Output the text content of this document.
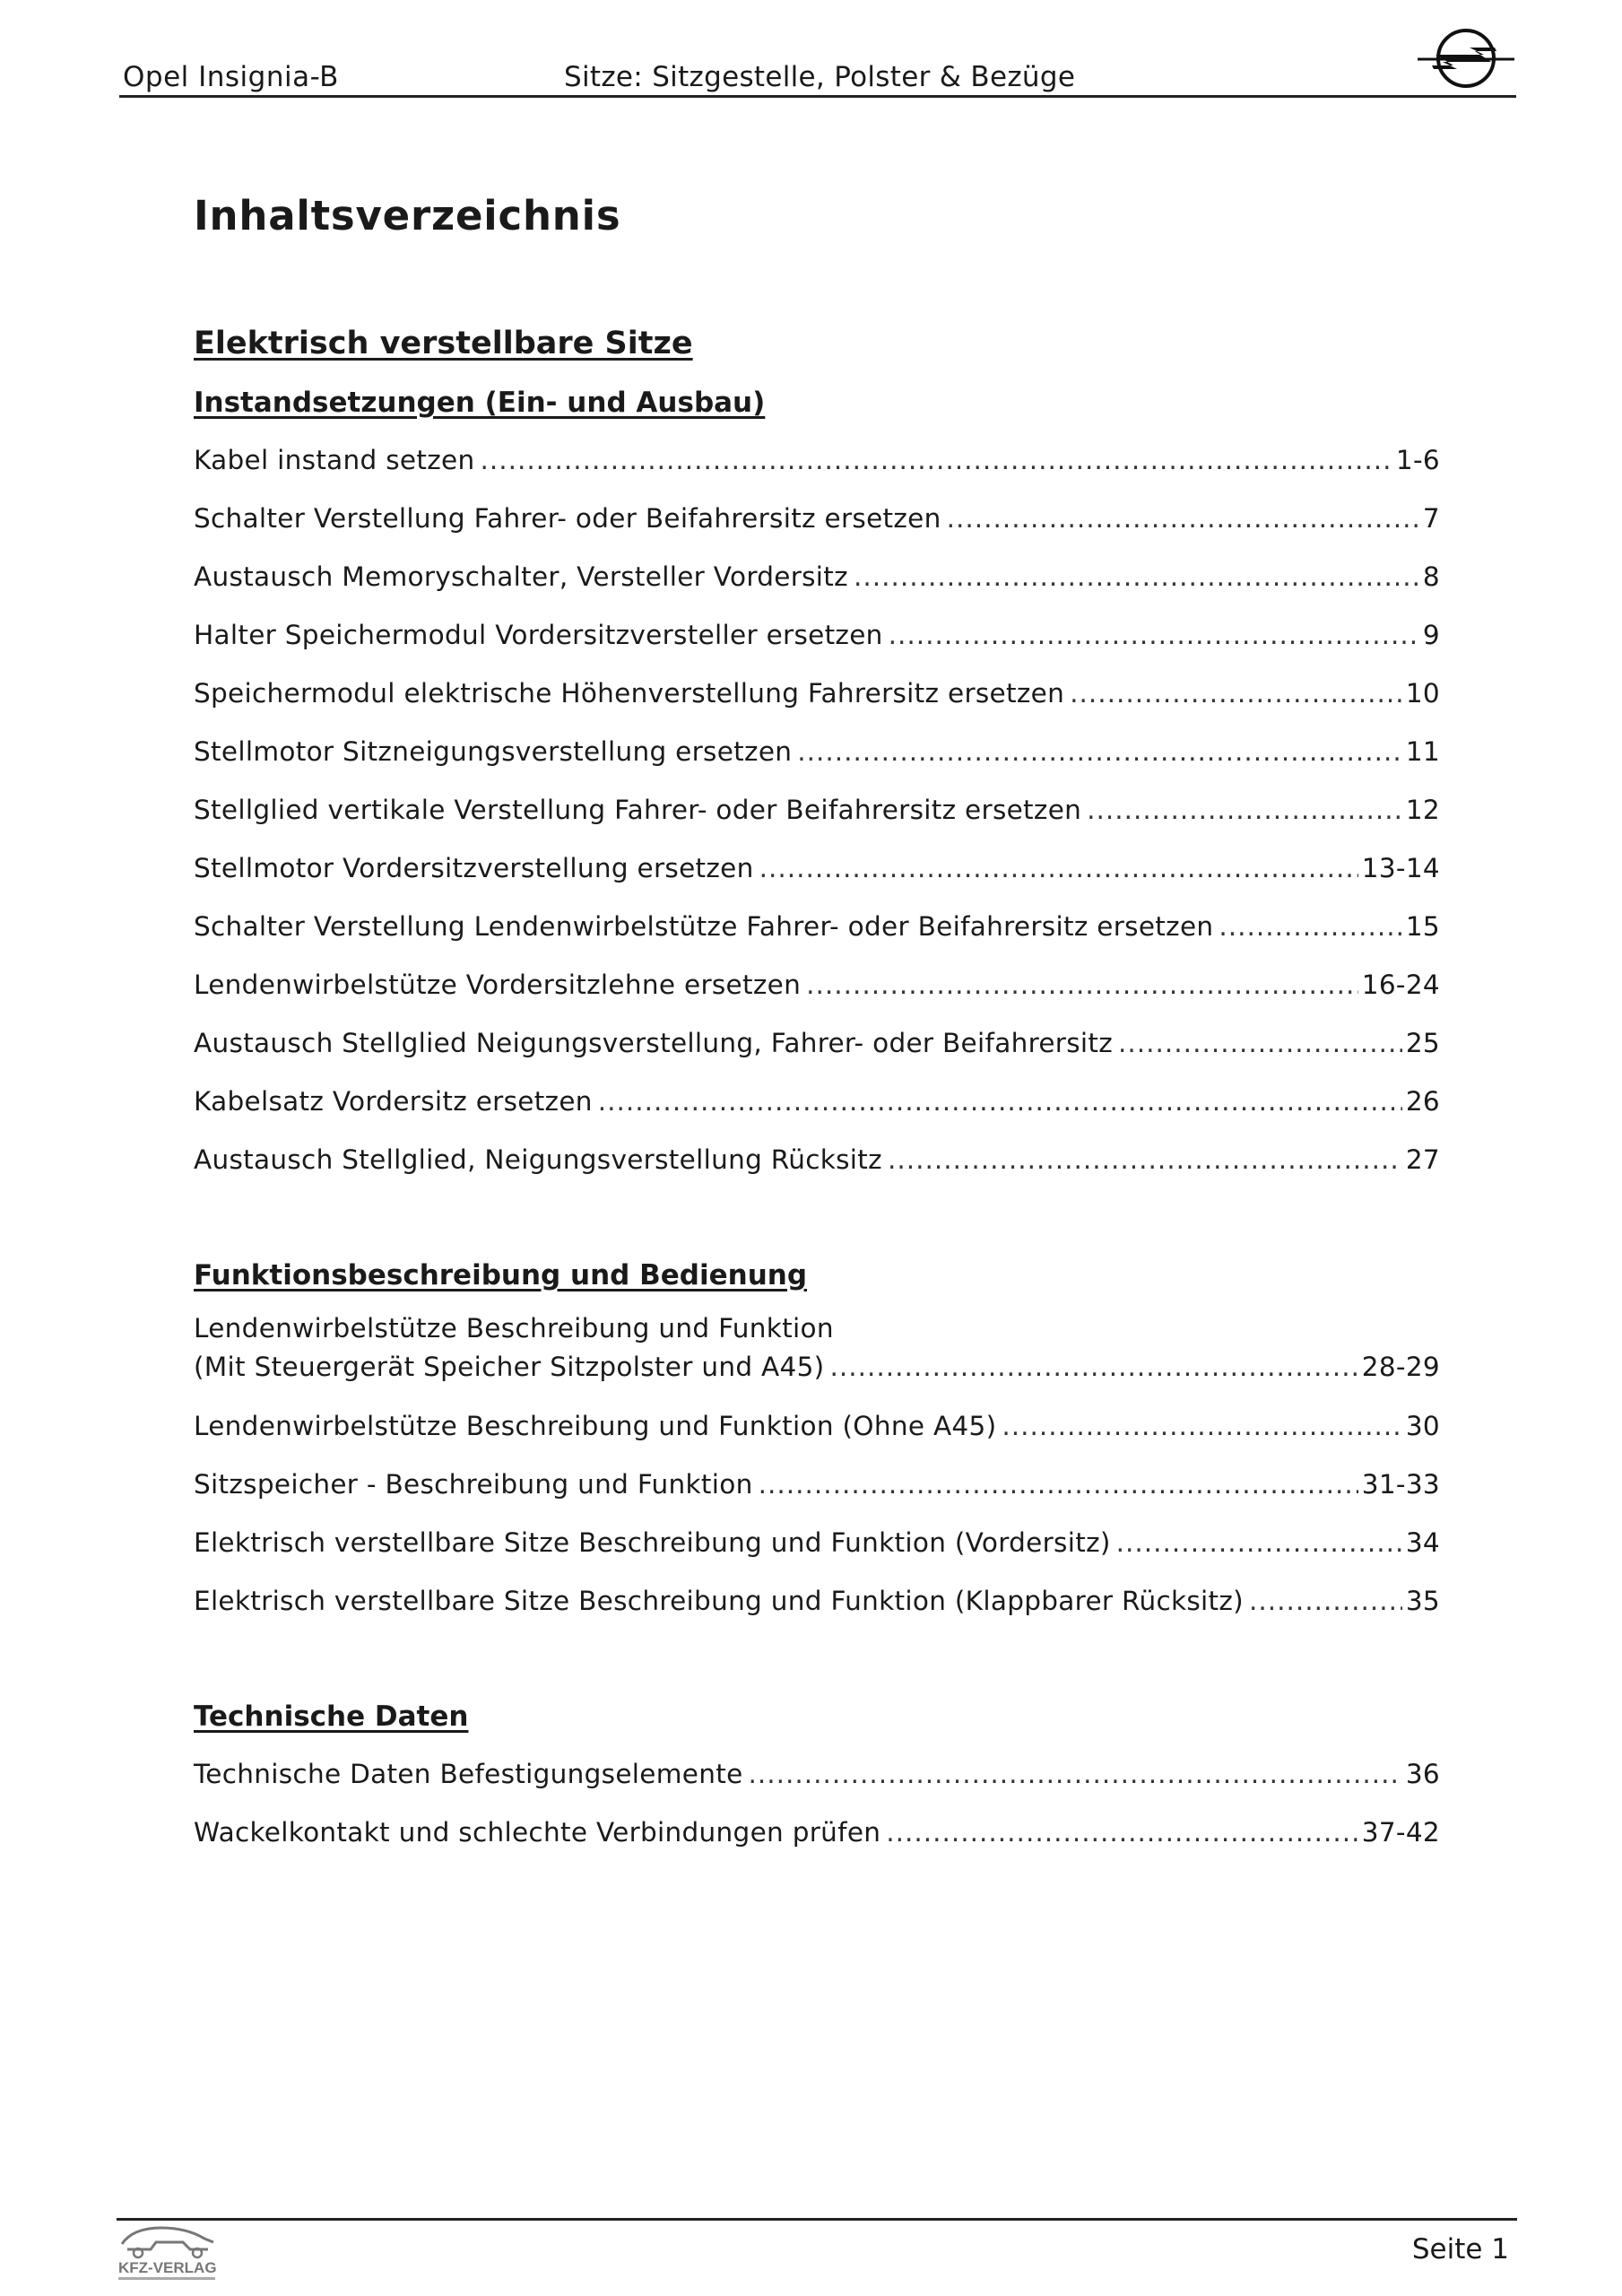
Opel Insignia-B	Sitze: Sitzgestelle, Polster & Bezüge
Inhaltsverzeichnis
Elektrisch verstellbare Sitze
Instandsetzungen (Ein- und Ausbau)
Kabel instand setzen .....	1-6
Schalter Verstellung Fahrer- oder Beifahrersitz ersetzen .....	7
Austausch Memoryschalter, Versteller Vordersitz .....	8
Halter Speichermodul Vordersitzversteller ersetzen .....	9
Speichermodul elektrische Höhenverstellung Fahrersitz ersetzen .....	10
Stellmotor Sitzneigungsverstellung ersetzen .....	11
Stellglied vertikale Verstellung Fahrer- oder Beifahrersitz ersetzen .....	12
Stellmotor Vordersitzverstellung ersetzen .....	13-14
Schalter Verstellung Lendenwirbelstütze Fahrer- oder Beifahrersitz ersetzen .....	15
Lendenwirbelstütze Vordersitzlehne ersetzen .....	16-24
Austausch Stellglied Neigungsverstellung, Fahrer- oder Beifahrersitz .....	25
Kabelsatz Vordersitz ersetzen .....	26
Austausch Stellglied, Neigungsverstellung Rücksitz .....	27
Funktionsbeschreibung und Bedienung
Lendenwirbelstütze Beschreibung und Funktion
(Mit Steuergerät Speicher Sitzpolster und A45) .....	28-29
Lendenwirbelstütze Beschreibung und Funktion (Ohne A45) .....	30
Sitzspeicher - Beschreibung und Funktion .....	31-33
Elektrisch verstellbare Sitze Beschreibung und Funktion (Vordersitz) .....	34
Elektrisch verstellbare Sitze Beschreibung und Funktion (Klappbarer Rücksitz) .....	35
Technische Daten
Technische Daten Befestigungselemente .....	36
Wackelkontakt und schlechte Verbindungen prüfen .....	37-42
KFZ-VERLAG
Seite 1
